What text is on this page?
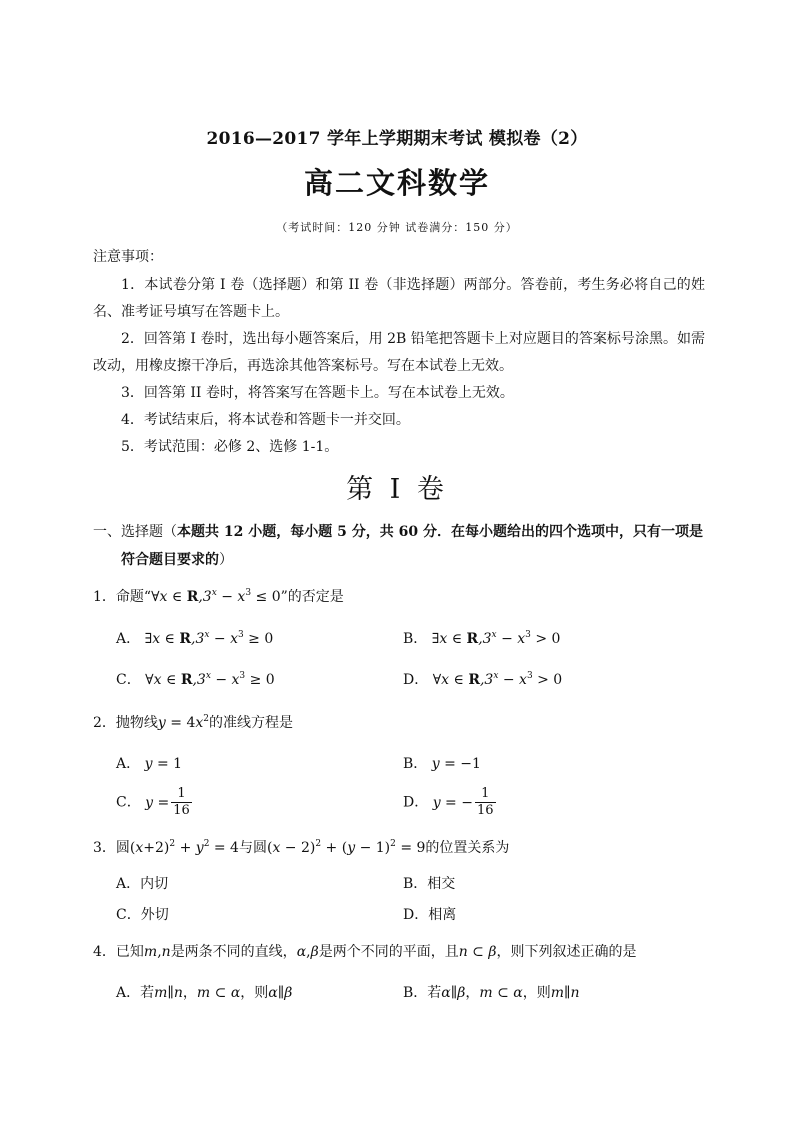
2016—2017 学年上学期期末考试 模拟卷（2）
高二文科数学
（考试时间：120 分钟 试卷满分：150 分）
注意事项：
1．本试卷分第 I 卷（选择题）和第 II 卷（非选择题）两部分。答卷前，考生务必将自己的姓名、准考证号填写在答题卡上。
2．回答第 I 卷时，选出每小题答案后，用 2B 铅笔把答题卡上对应题目的答案标号涂黑。如需改动，用橡皮擦干净后，再选涂其他答案标号。写在本试卷上无效。
3．回答第 II 卷时，将答案写在答题卡上。写在本试卷上无效。
4．考试结束后，将本试卷和答题卡一并交回。
5．考试范围：必修 2、选修 1-1。
第 I 卷
一、选择题（本题共 12 小题，每小题 5 分，共 60 分．在每小题给出的四个选项中，只有一项是
符合题目要求的）
1．命题“∀x ∈ $R,3^x - x^3 \le 0$”的否定是
A． ∃x ∈ $R,3^x - x^3 \ge 0$	B． ∃x ∈ $R,3^x - x^3 > 0$
C． ∀x ∈ $R,3^x - x^3 \ge 0$	D． ∀x ∈ $R,3^x - x^3 > 0$
2．抛物线$y = 4x^2$的准线方程是
A． y = 1	B． y = −1
C． $y = \frac{1}{16}$	D． y = − $\frac{1}{16}$
3．圆$(x+2)^2 + y^2 = 4$与圆$(x - 2)^2 + (y - 1)^2 = 9$的位置关系为
A．内切	B．相交
C．外切	D．相离
4．已知m,n是两条不同的直线，α,β是两个不同的平面，且n ⊂ β，则下列叙述正确的是
A．若m∥n，m ⊂ α，则α∥β	B．若α∥β，m ⊂ α，则m∥n
